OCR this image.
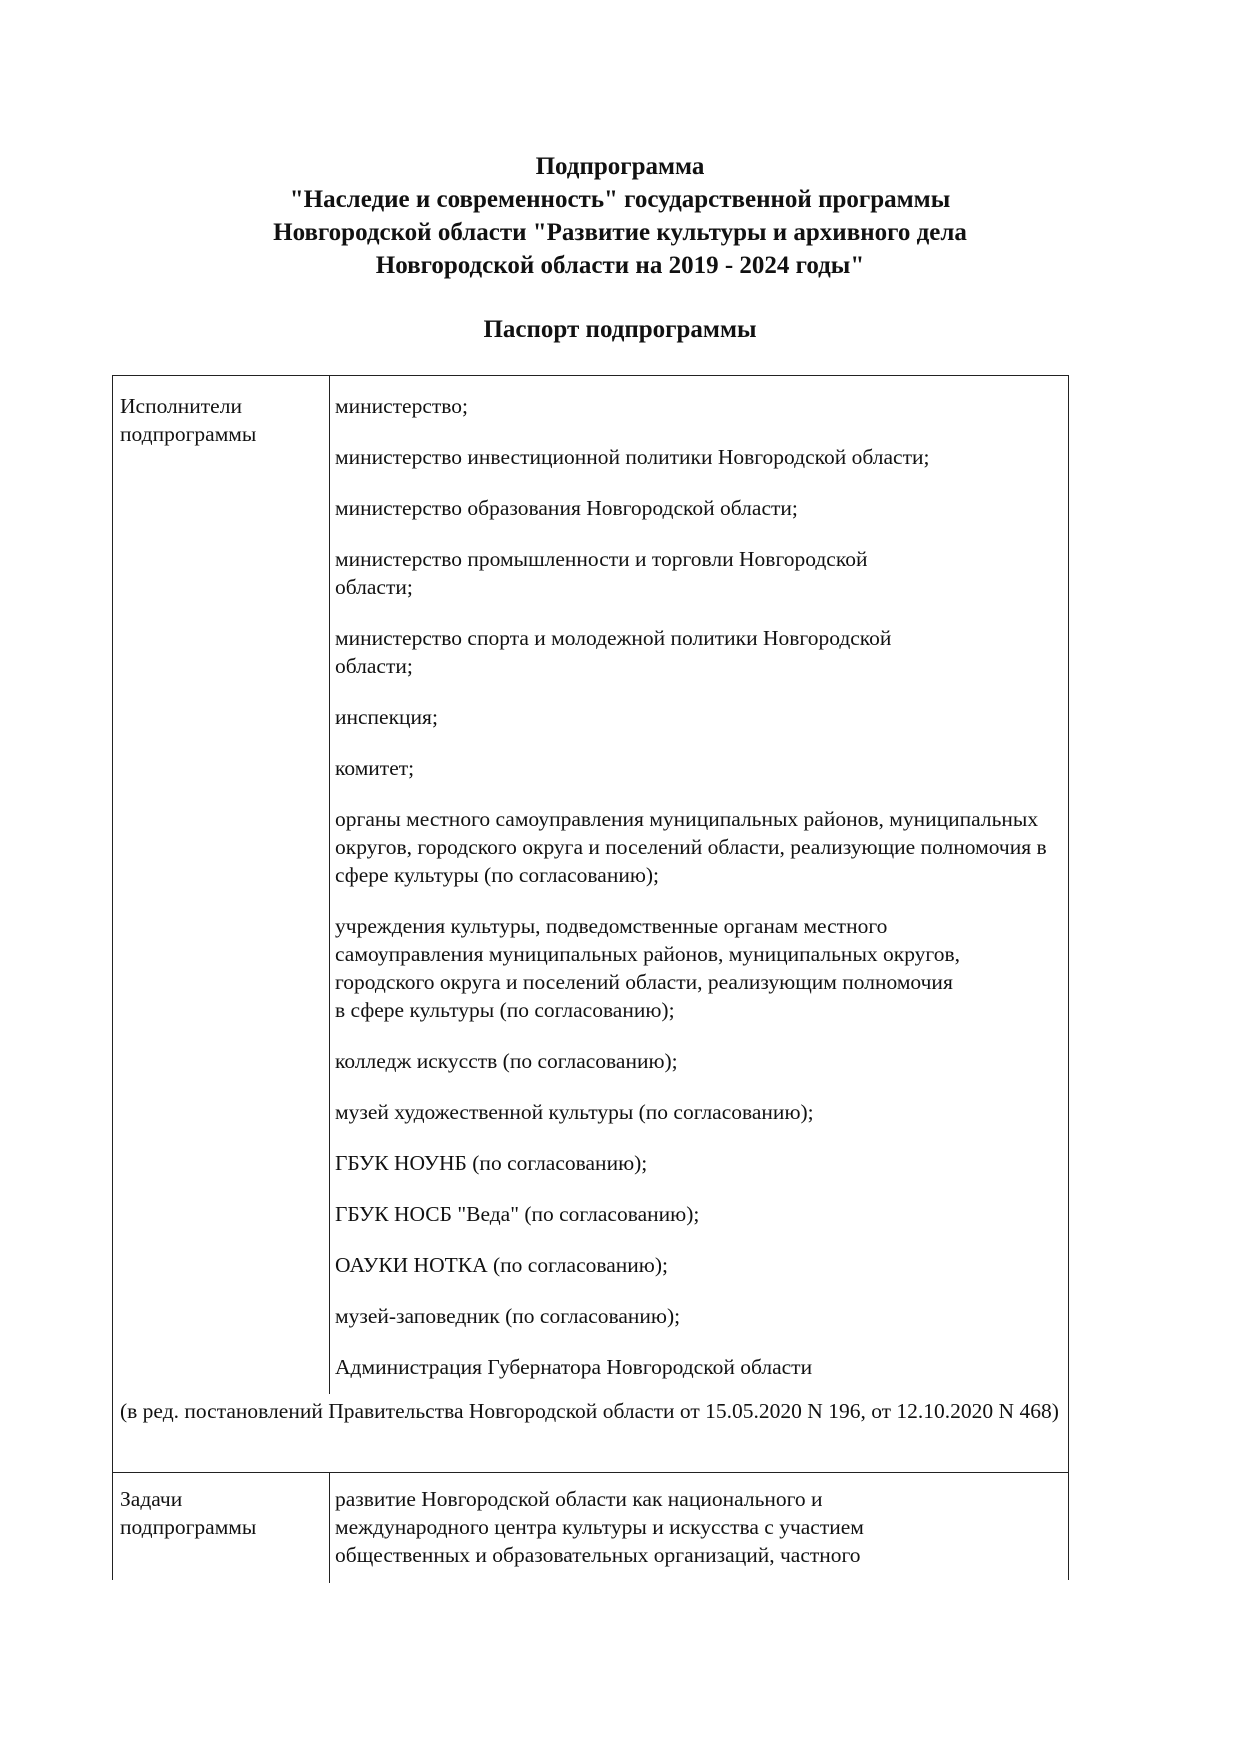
Подпрограмма
"Наследие и современность" государственной программы
Новгородской области "Развитие культуры и архивного дела
Новгородской области на 2019 - 2024 годы"
Паспорт подпрограммы
Исполнители подпрограммы

министерство;

министерство инвестиционной политики Новгородской области;

министерство образования Новгородской области;

министерство промышленности и торговли Новгородской области;

министерство спорта и молодежной политики Новгородской области;

инспекция;

комитет;

органы местного самоуправления муниципальных районов, муниципальных округов, городского округа и поселений области, реализующие полномочия в сфере культуры (по согласованию);

учреждения культуры, подведомственные органам местного самоуправления муниципальных районов, муниципальных округов, городского округа и поселений области, реализующим полномочия в сфере культуры (по согласованию);

колледж искусств (по согласованию);

музей художественной культуры (по согласованию);

ГБУК НОУНБ (по согласованию);

ГБУК НОСБ "Веда" (по согласованию);

ОАУКИ НОТКА (по согласованию);

музей-заповедник (по согласованию);

Администрация Губернатора Новгородской области

(в ред. постановлений Правительства Новгородской области от 15.05.2020 N 196, от 12.10.2020 N 468)
Задачи подпрограммы
развитие Новгородской области как национального и международного центра культуры и искусства с участием общественных и образовательных организаций, частного
